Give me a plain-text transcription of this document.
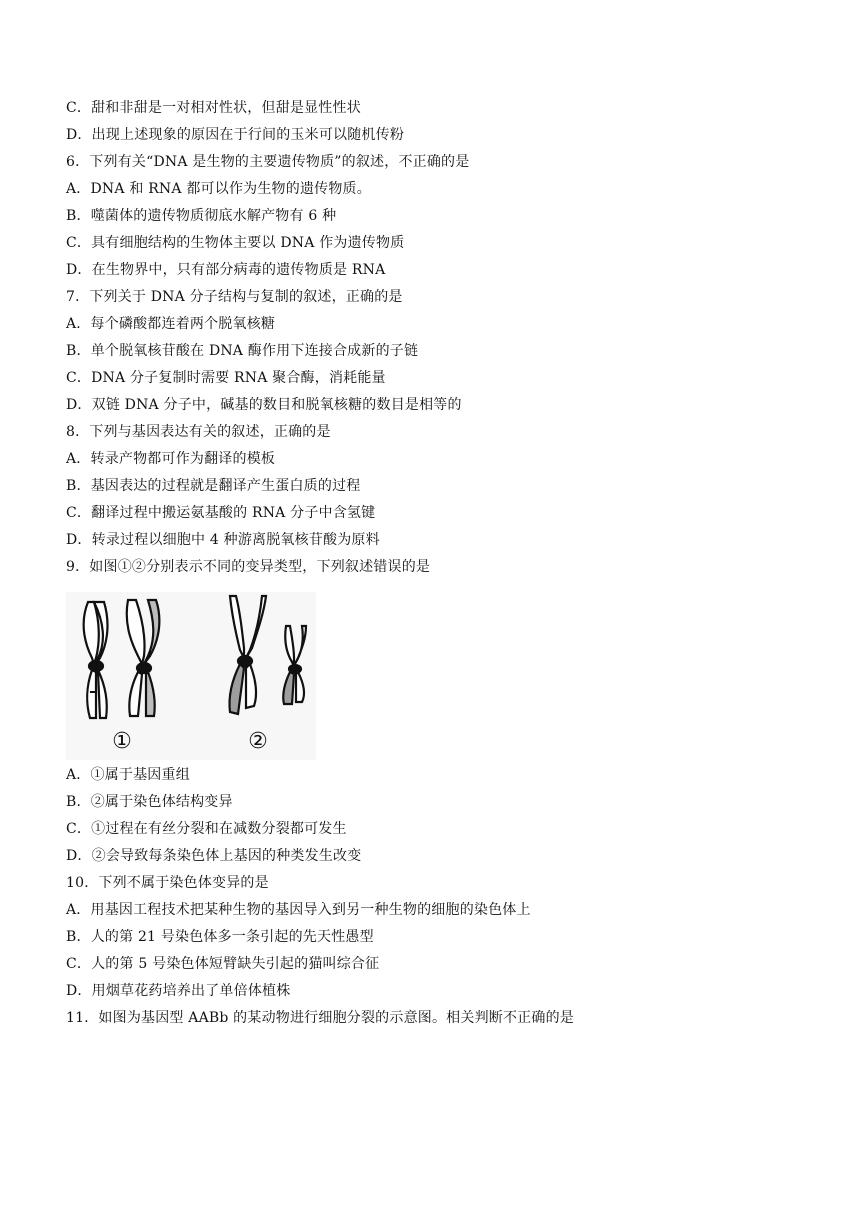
C．甜和非甜是一对相对性状，但甜是显性性状
D．出现上述现象的原因在于行间的玉米可以随机传粉
6．下列有关“DNA 是生物的主要遗传物质”的叙述，不正确的是
A．DNA 和 RNA 都可以作为生物的遗传物质。
B．噬菌体的遗传物质彻底水解产物有 6 种
C．具有细胞结构的生物体主要以 DNA 作为遗传物质
D．在生物界中，只有部分病毒的遗传物质是 RNA
7．下列关于 DNA 分子结构与复制的叙述，正确的是
A．每个磷酸都连着两个脱氧核糖
B．单个脱氧核苷酸在 DNA 酶作用下连接合成新的子链
C．DNA 分子复制时需要 RNA 聚合酶，消耗能量
D．双链 DNA 分子中，碱基的数目和脱氧核糖的数目是相等的
8．下列与基因表达有关的叙述，正确的是
A．转录产物都可作为翻译的模板
B．基因表达的过程就是翻译产生蛋白质的过程
C．翻译过程中搬运氨基酸的 RNA 分子中含氢键
D．转录过程以细胞中 4 种游离脱氧核苷酸为原料
9．如图①②分别表示不同的变异类型，下列叙述错误的是
①	②
A．①属于基因重组
B．②属于染色体结构变异
C．①过程在有丝分裂和在减数分裂都可发生
D．②会导致每条染色体上基因的种类发生改变
10．下列不属于染色体变异的是
A．用基因工程技术把某种生物的基因导入到另一种生物的细胞的染色体上
B．人的第 21 号染色体多一条引起的先天性愚型
C．人的第 5 号染色体短臂缺失引起的猫叫综合征
D．用烟草花药培养出了单倍体植株
11．如图为基因型 AABb 的某动物进行细胞分裂的示意图。相关判断不正确的是
